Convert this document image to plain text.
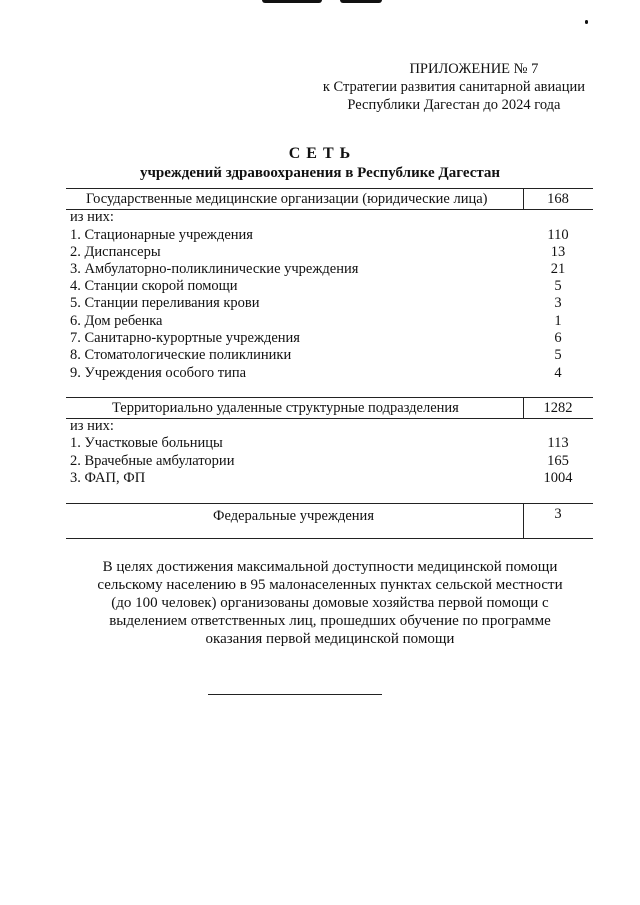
ПРИЛОЖЕНИЕ № 7
к Стратегии развития санитарной авиации
Республики Дагестан до 2024 года
С Е Т Ь
учреждений здравоохранения в Республике Дагестан
Государственные медицинские организации (юридические лица)	168
из них:
1. Стационарные учреждения	110
2. Диспансеры	13
3. Амбулаторно-поликлинические учреждения	21
4. Станции скорой помощи	5
5. Станции переливания крови	3
6. Дом ребенка	1
7. Санитарно-курортные учреждения	6
8. Стоматологические поликлиники	5
9. Учреждения особого типа	4
Территориально удаленные структурные подразделения	1282
из них:
1. Участковые больницы	113
2. Врачебные амбулатории	165
3. ФАП, ФП	1004
Федеральные учреждения	3
В целях достижения максимальной доступности медицинской помощи
сельскому населению в 95 малонаселенных пунктах сельской местности
(до 100 человек) организованы домовые хозяйства первой помощи с
выделением ответственных лиц, прошедших обучение по программе
оказания первой медицинской помощи
